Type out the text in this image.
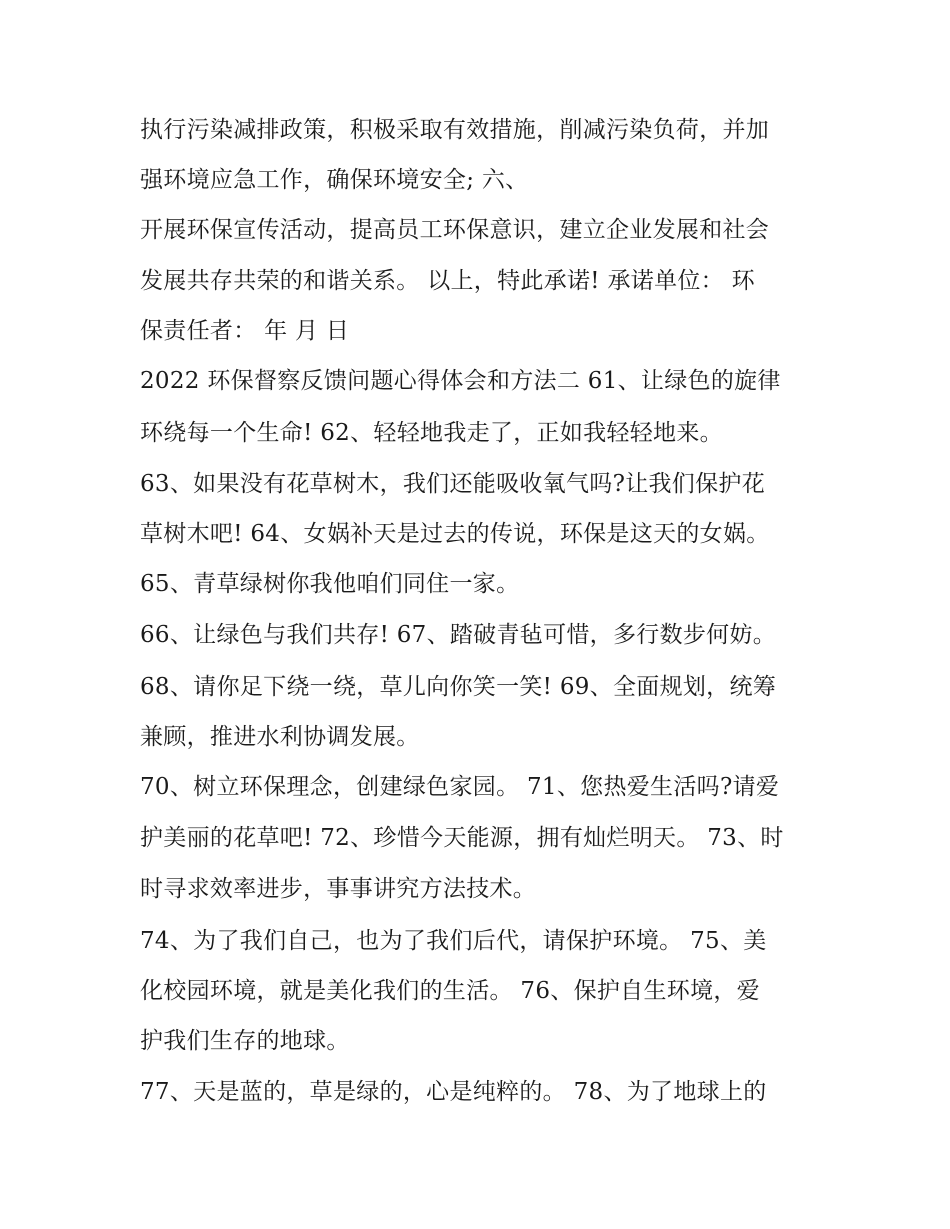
执行污染减排政策，积极采取有效措施，削减污染负荷，并加
强环境应急工作，确保环境安全; 六、
开展环保宣传活动，提高员工环保意识，建立企业发展和社会
发展共存共荣的和谐关系。 以上，特此承诺! 承诺单位： 环
保责任者： 年 月 日
2022 环保督察反馈问题心得体会和方法二 61、让绿色的旋律
环绕每一个生命! 62、轻轻地我走了，正如我轻轻地来。
63、如果没有花草树木，我们还能吸收氧气吗?让我们保护花
草树木吧! 64、女娲补天是过去的传说，环保是这天的女娲。
65、青草绿树你我他咱们同住一家。
66、让绿色与我们共存! 67、踏破青毡可惜，多行数步何妨。
68、请你足下绕一绕，草儿向你笑一笑! 69、全面规划，统筹
兼顾，推进水利协调发展。
70、树立环保理念，创建绿色家园。 71、您热爱生活吗?请爱
护美丽的花草吧! 72、珍惜今天能源，拥有灿烂明天。 73、时
时寻求效率进步，事事讲究方法技术。
74、为了我们自己，也为了我们后代，请保护环境。 75、美
化校园环境，就是美化我们的生活。 76、保护自生环境，爱
护我们生存的地球。
77、天是蓝的，草是绿的，心是纯粹的。 78、为了地球上的
